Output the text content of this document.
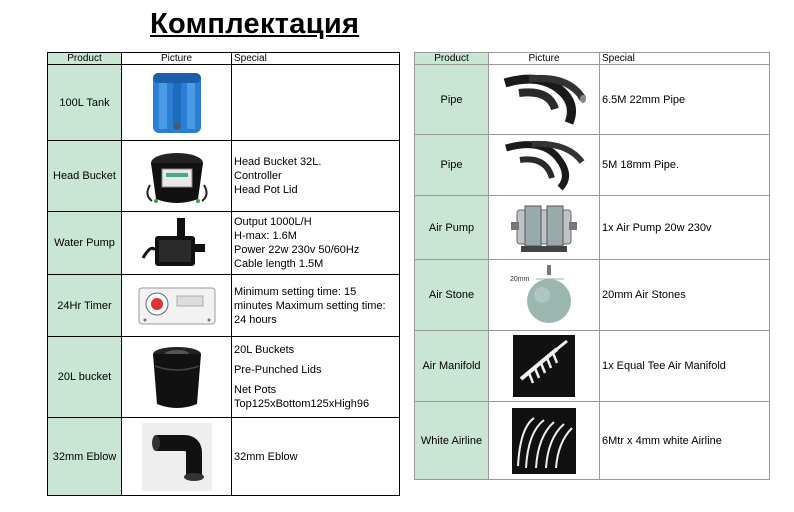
Комплектация
Product	Picture	Special
100L Tank	

Head Bucket		Head Bucket 32L.
Controller
Head Pot Lid

Water Pump		Output 1000L/H
H-max: 1.6M
Power 22w 230v 50/60Hz
Cable length 1.5M

24Hr Timer		Minimum setting time: 15
minutes Maximum setting time:
24 hours

20L bucket		20L Buckets
Pre-Punched Lids
Net Pots
Top125xBottom125xHigh96

32mm Eblow		32mm Eblow
Product	Picture	Special
Pipe		6.5M 22mm Pipe
Pipe		5M 18mm Pipe.
Air Pump		1x Air Pump 20w 230v
Air Stone	20mm	20mm Air Stones
Air Manifold		1x Equal Tee Air Manifold
White Airline		6Mtr x 4mm white Airline
